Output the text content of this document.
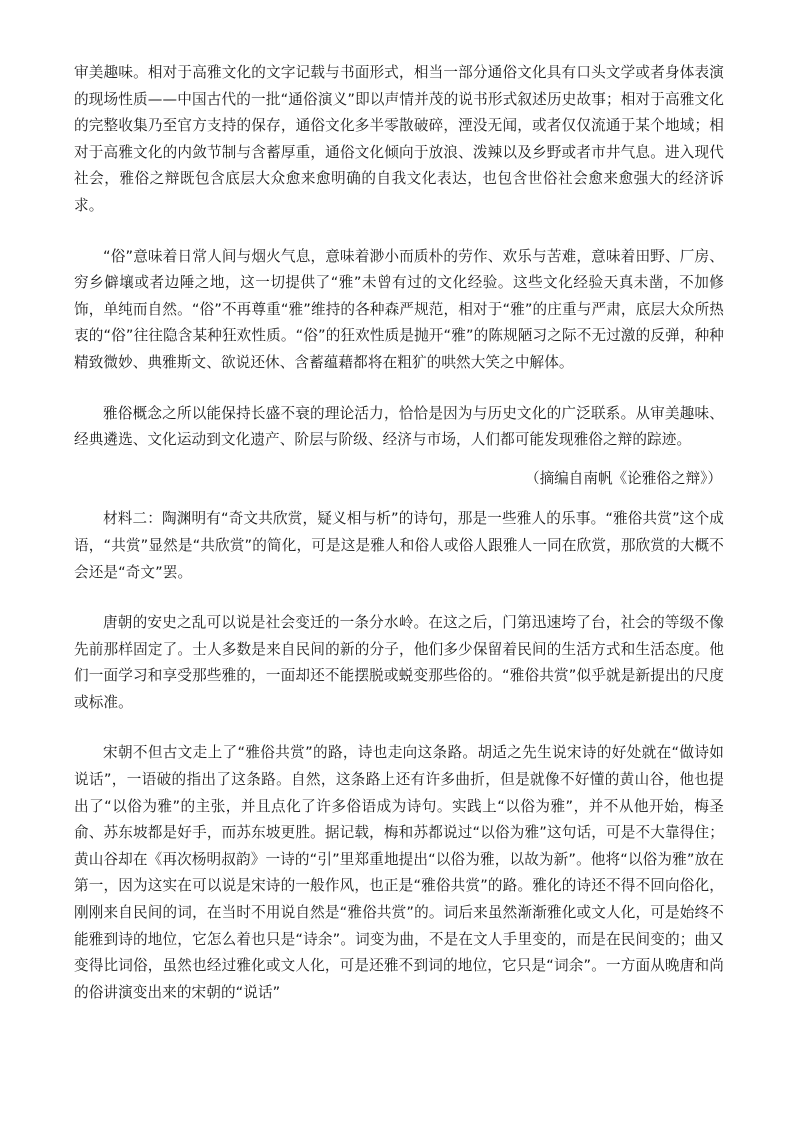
审美趣味。相对于高雅文化的文字记载与书面形式，相当一部分通俗文化具有口头文学或者身体表演的现场性质——中国古代的一批“通俗演义”即以声情并茂的说书形式叙述历史故事；相对于高雅文化的完整收集乃至官方支持的保存，通俗文化多半零散破碎，湮没无闻，或者仅仅流通于某个地域；相对于高雅文化的内敛节制与含蓄厚重，通俗文化倾向于放浪、泼辣以及乡野或者市井气息。进入现代社会，雅俗之辩既包含底层大众愈来愈明确的自我文化表达，也包含世俗社会愈来愈强大的经济诉求。

“俗”意味着日常人间与烟火气息，意味着渺小而质朴的劳作、欢乐与苦难，意味着田野、厂房、穷乡僻壤或者边陲之地，这一切提供了“雅”未曾有过的文化经验。这些文化经验天真未凿，不加修饰，单纯而自然。“俗”不再尊重“雅”维持的各种森严规范，相对于“雅”的庄重与严肃，底层大众所热衷的“俗”往往隐含某种狂欢性质。“俗”的狂欢性质是抛开“雅”的陈规陋习之际不无过激的反弹，种种精致微妙、典雅斯文、欲说还休、含蓄蕴藉都将在粗犷的哄然大笑之中解体。

雅俗概念之所以能保持长盛不衰的理论活力，恰恰是因为与历史文化的广泛联系。从审美趣味、经典遴选、文化运动到文化遗产、阶层与阶级、经济与市场，人们都可能发现雅俗之辩的踪迹。

（摘编自南帆《论雅俗之辩》）

材料二：陶渊明有“奇文共欣赏，疑义相与析”的诗句，那是一些雅人的乐事。“雅俗共赏”这个成语，“共赏”显然是“共欣赏”的简化，可是这是雅人和俗人或俗人跟雅人一同在欣赏，那欣赏的大概不会还是“奇文”罢。

唐朝的安史之乱可以说是社会变迁的一条分水岭。在这之后，门第迅速垮了台，社会的等级不像先前那样固定了。士人多数是来自民间的新的分子，他们多少保留着民间的生活方式和生活态度。他们一面学习和享受那些雅的，一面却还不能摆脱或蜕变那些俗的。“雅俗共赏”似乎就是新提出的尺度或标准。

宋朝不但古文走上了“雅俗共赏”的路，诗也走向这条路。胡适之先生说宋诗的好处就在“做诗如说话”，一语破的指出了这条路。自然，这条路上还有许多曲折，但是就像不好懂的黄山谷，他也提出了“以俗为雅”的主张，并且点化了许多俗语成为诗句。实践上“以俗为雅”，并不从他开始，梅圣俞、苏东坡都是好手，而苏东坡更胜。据记载，梅和苏都说过“以俗为雅”这句话，可是不大靠得住；黄山谷却在《再次杨明叔韵》一诗的“引”里郑重地提出“以俗为雅，以故为新”。他将“以俗为雅”放在第一，因为这实在可以说是宋诗的一般作风，也正是“雅俗共赏”的路。雅化的诗还不得不回向俗化，刚刚来自民间的词，在当时不用说自然是“雅俗共赏”的。词后来虽然渐渐雅化或文人化，可是始终不能雅到诗的地位，它怎么着也只是“诗余”。词变为曲，不是在文人手里变的，而是在民间变的；曲又变得比词俗，虽然也经过雅化或文人化，可是还雅不到词的地位，它只是“词余”。一方面从晚唐和尚的俗讲演变出来的宋朝的“说话”
